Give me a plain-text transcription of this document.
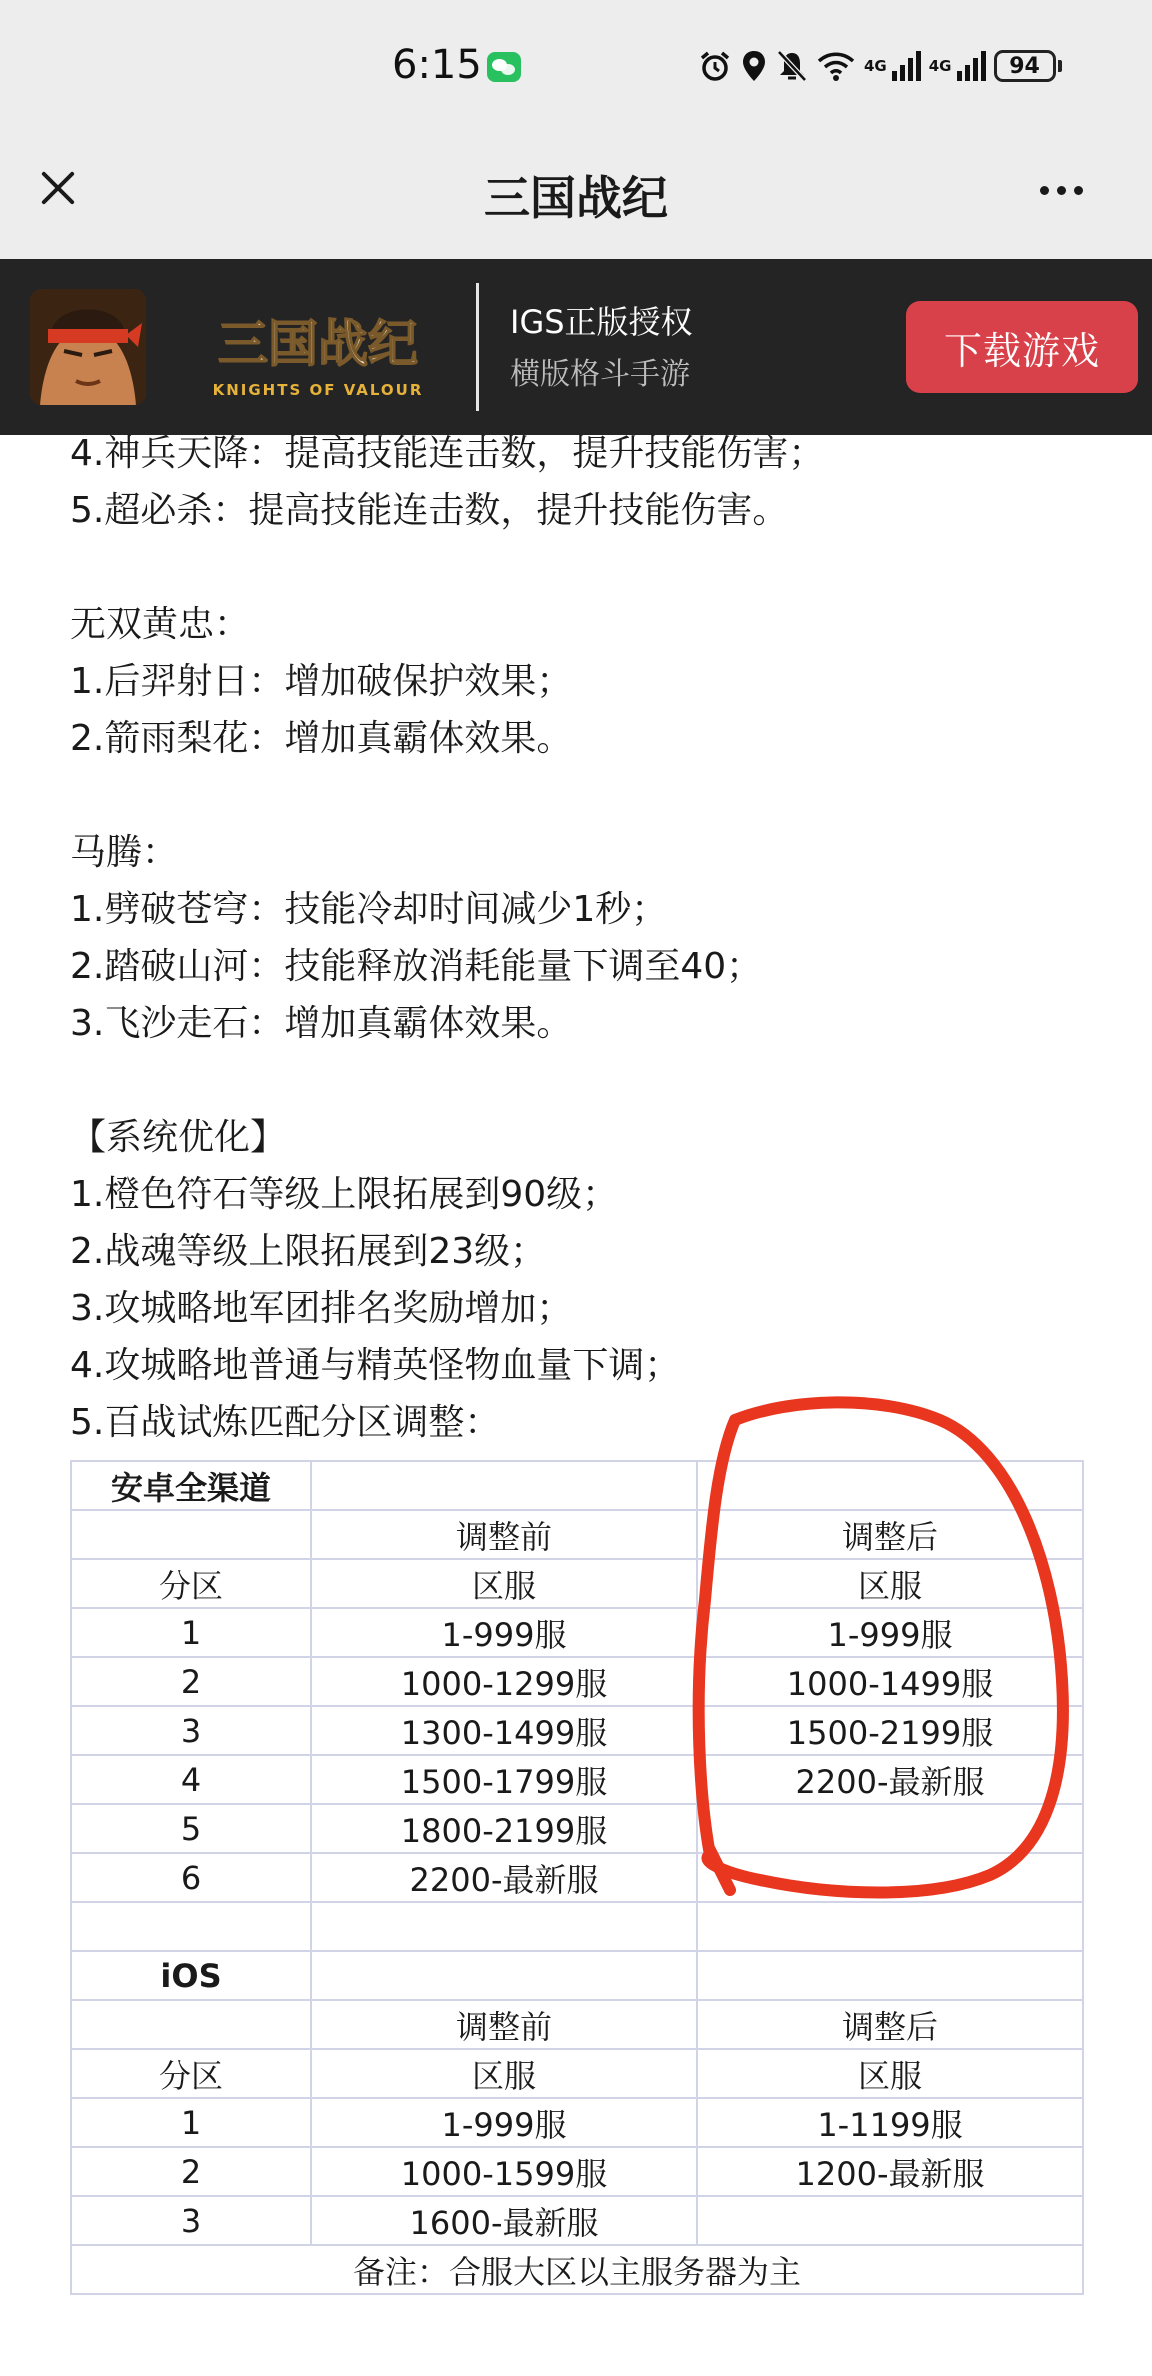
6:15	4G	4G	94
三国战纪
三国战纪
KNIGHTS OF VALOUR
IGS正版授权
横版格斗手游
下载游戏

4.神兵天降：提高技能连击数，提升技能伤害；

5.超必杀：提高技能连击数，提升技能伤害。

无双黄忠：

1.后羿射日：增加破保护效果；

2.箭雨梨花：增加真霸体效果。

马腾：

1.劈破苍穹：技能冷却时间减少1秒；

2.踏破山河：技能释放消耗能量下调至40；

3.飞沙走石：增加真霸体效果。

【系统优化】

1.橙色符石等级上限拓展到90级；

2.战魂等级上限拓展到23级；

3.攻城略地军团排名奖励增加；

4.攻城略地普通与精英怪物血量下调；

5.百战试炼匹配分区调整：

安卓全渠道		
	调整前	调整后
分区	区服	区服
1	1-999服	1-999服
2	1000-1299服	1000-1499服
3	1300-1499服	1500-2199服
4	1500-1799服	2200-最新服
5	1800-2199服	
6	2200-最新服	

iOS		
	调整前	调整后
分区	区服	区服
1	1-999服	1-1199服
2	1000-1599服	1200-最新服
3	1600-最新服	
备注：合服大区以主服务器为主		
